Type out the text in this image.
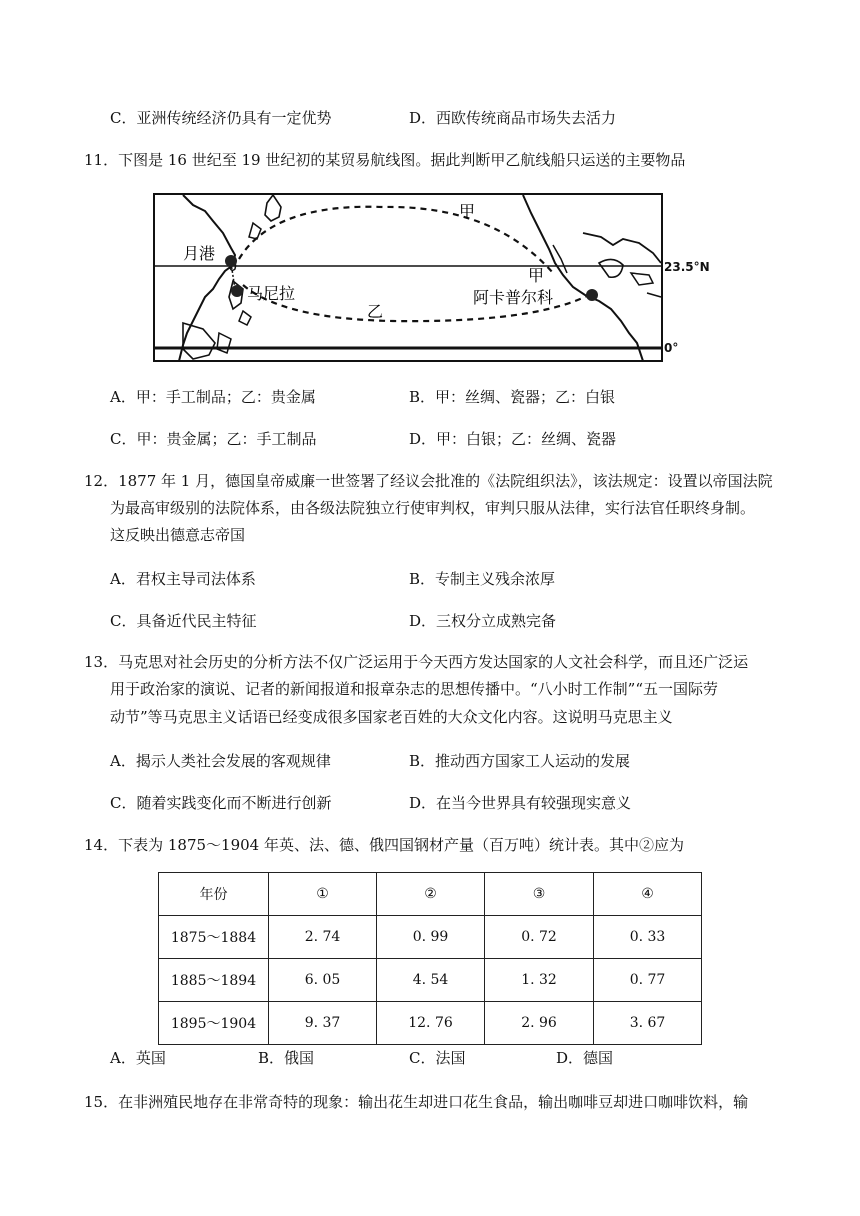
C．亚洲传统经济仍具有一定优势	D．西欧传统商品市场失去活力
11．下图是 16 世纪至 19 世纪初的某贸易航线图。据此判断甲乙航线船只运送的主要物品
月港
马尼拉	阿卡普尔科
甲
甲
乙
23.5°N
0°
A．甲：手工制品；乙：贵金属	B．甲：丝绸、瓷器；乙：白银
C．甲：贵金属；乙：手工制品	D．甲：白银；乙：丝绸、瓷器
12．1877 年 1 月，德国皇帝威廉一世签署了经议会批准的《法院组织法》，该法规定：设置以帝国法院
为最高审级别的法院体系，由各级法院独立行使审判权，审判只服从法律，实行法官任职终身制。
这反映出德意志帝国
A．君权主导司法体系	B．专制主义残余浓厚
C．具备近代民主特征	D．三权分立成熟完备
13．马克思对社会历史的分析方法不仅广泛运用于今天西方发达国家的人文社会科学，而且还广泛运
用于政治家的演说、记者的新闻报道和报章杂志的思想传播中。“八小时工作制”“五一国际劳
动节”等马克思主义话语已经变成很多国家老百姓的大众文化内容。这说明马克思主义
A．揭示人类社会发展的客观规律	B．推动西方国家工人运动的发展
C．随着实践变化而不断进行创新	D．在当今世界具有较强现实意义
14．下表为 1875～1904 年英、法、德、俄四国钢材产量（百万吨）统计表。其中②应为
年份	①	②	③	④
1875～1884	2. 74	0. 99	0. 72	0. 33
1885～1894	6. 05	4. 54	1. 32	0. 77
1895～1904	9. 37	12. 76	2. 96	3. 67
A．英国	B．俄国	C．法国	D．德国
15．在非洲殖民地存在非常奇特的现象：输出花生却进口花生食品，输出咖啡豆却进口咖啡饮料，输
